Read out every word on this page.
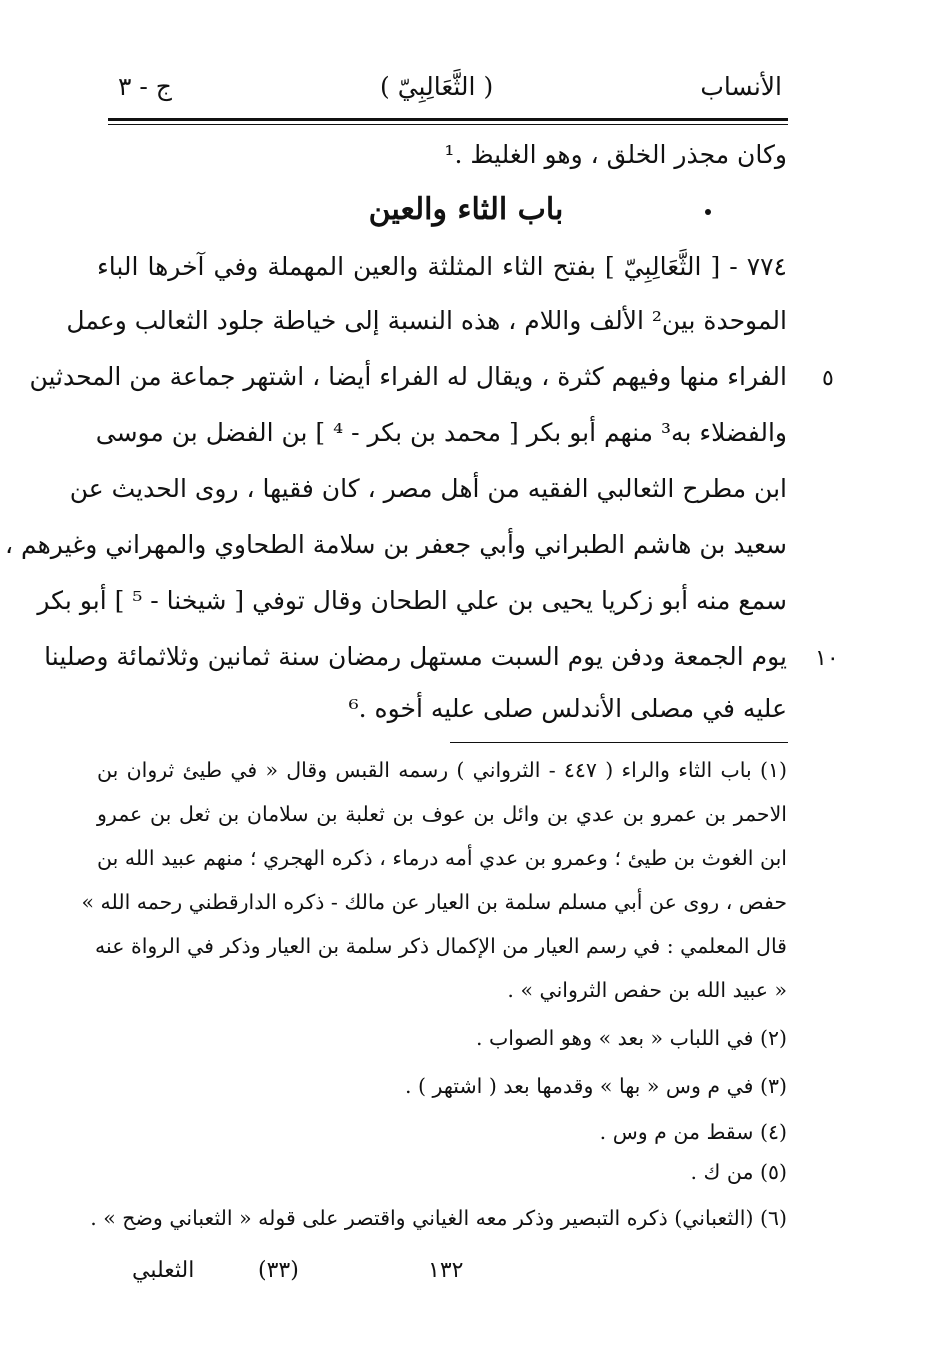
الأنساب
( الثَّعَالِبِيّ )
ج - ٣
وكان مجذر الخلق ، وهو الغليظ .¹
باب الثاء والعين
٧٧٤ - [ الثَّعَالِبِيّ ] بفتح الثاء المثلثة والعين المهملة وفي آخرها الباء
الموحدة بين² الألف واللام ، هذه النسبة إلى خياطة جلود الثعالب وعمل
الفراء منها وفيهم كثرة ، ويقال له الفراء أيضا ، اشتهر جماعة من المحدثين ٥
والفضلاء به³ منهم أبو بكر [ محمد بن بكر - ⁴ ] بن الفضل بن موسى
ابن مطرح الثعالبي الفقيه من أهل مصر ، كان فقيها ، روى الحديث عن
سعيد بن هاشم الطبراني وأبي جعفر بن سلامة الطحاوي والمهراني وغيرهم ،
سمع منه أبو زكريا يحيى بن علي الطحان وقال توفي [ شيخنا - ⁵ ] أبو بكر
يوم الجمعة ودفن يوم السبت مستهل رمضان سنة ثمانين وثلاثمائة وصلينا ١٠
عليه في مصلى الأندلس صلى عليه أخوه .⁶
(١) باب الثاء والراء ( ٤٤٧ - الثرواني ) رسمه القبس وقال « في طيئ ثروان بن
الاحمر بن عمرو بن عدي بن وائل بن عوف بن ثعلبة بن سلامان بن ثعل بن عمرو
ابن الغوث بن طيئ ؛ وعمرو بن عدي أمه درماء ، ذكره الهجري ؛ منهم عبيد الله بن
حفص ، روى عن أبي مسلم سلمة بن العيار عن مالك - ذكره الدارقطني رحمه الله »
قال المعلمي : في رسم العيار من الإكمال ذكر سلمة بن العيار وذكر في الرواة عنه
« عبيد الله بن حفص الثرواني » .
(٢) في اللباب « بعد » وهو الصواب .
(٣) في م وس « بها » وقدمها بعد ( اشتهر ) .
(٤) سقط من م وس .
(٥) من ك .
(٦) (الثعباني) ذكره التبصير وذكر معه الغياني واقتصر على قوله « الثعباني وضح » .
الثعلبي	(٣٣)	١٣٢
